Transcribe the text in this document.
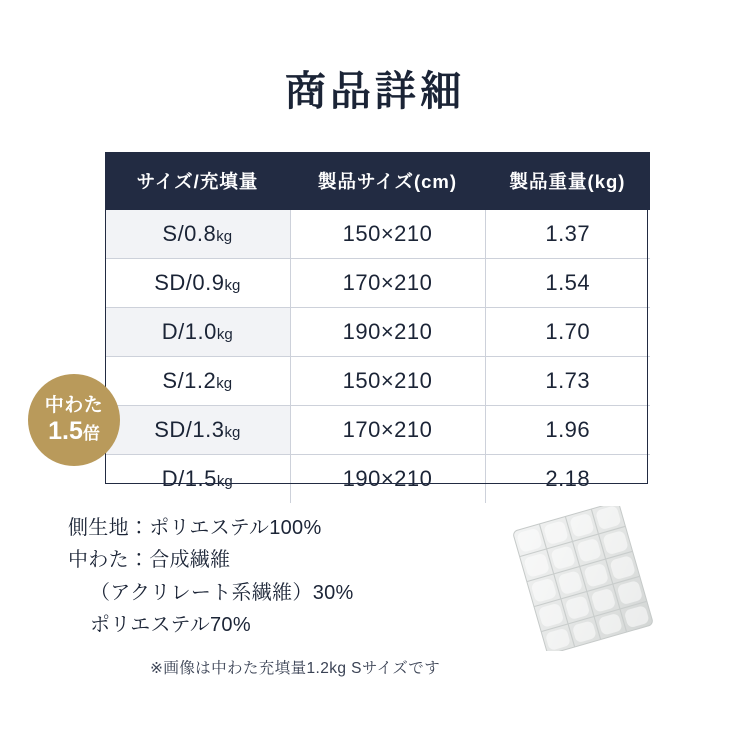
商品詳細
サイズ/充填量	製品サイズ(cm)	製品重量(kg)
S/0.8kg	150×210	1.37
SD/0.9kg	170×210	1.54
D/1.0kg	190×210	1.70
S/1.2kg	150×210	1.73
SD/1.3kg	170×210	1.96
D/1.5kg	190×210	2.18
中わた
1.5倍
側生地：ポリエステル100%
中わた：合成繊維
（アクリレート系繊維）30%
ポリエステル70%
※画像は中わた充填量1.2kg Sサイズです
